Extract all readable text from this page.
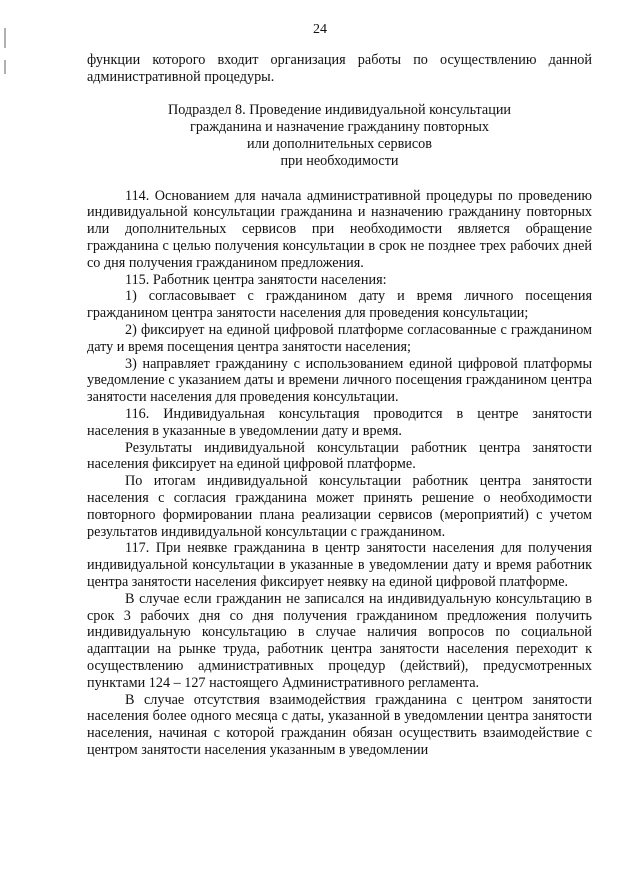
24

функции которого входит организация работы по осуществлению данной административной процедуры.

Подраздел 8. Проведение индивидуальной консультации
гражданина и назначение гражданину повторных
или дополнительных сервисов
при необходимости

114. Основанием для начала административной процедуры по проведению индивидуальной консультации гражданина и назначению гражданину повторных или дополнительных сервисов при необходимости является обращение гражданина с целью получения консультации в срок не позднее трех рабочих дней со дня получения гражданином предложения.

115. Работник центра занятости населения:

1) согласовывает с гражданином дату и время личного посещения гражданином центра занятости населения для проведения консультации;

2) фиксирует на единой цифровой платформе согласованные с гражданином дату и время посещения центра занятости населения;

3) направляет гражданину с использованием единой цифровой платформы уведомление с указанием даты и времени личного посещения гражданином центра занятости населения для проведения консультации.

116. Индивидуальная консультация проводится в центре занятости населения в указанные в уведомлении дату и время.

Результаты индивидуальной консультации работник центра занятости населения фиксирует на единой цифровой платформе.

По итогам индивидуальной консультации работник центра занятости населения с согласия гражданина может принять решение о необходимости повторного формировании плана реализации сервисов (мероприятий) с учетом результатов индивидуальной консультации с гражданином.

117. При неявке гражданина в центр занятости населения для получения индивидуальной консультации в указанные в уведомлении дату и время работник центра занятости населения фиксирует неявку на единой цифровой платформе.

В случае если гражданин не записался на индивидуальную консультацию в срок 3 рабочих дня со дня получения гражданином предложения получить индивидуальную консультацию в случае наличия вопросов по социальной адаптации на рынке труда, работник центра занятости населения переходит к осуществлению административных процедур (действий), предусмотренных пунктами 124 – 127 настоящего Административного регламента.

В случае отсутствия взаимодействия гражданина с центром занятости населения более одного месяца с даты, указанной в уведомлении центра занятости населения, начиная с которой гражданин обязан осуществить взаимодействие с центром занятости населения указанным в уведомлении
